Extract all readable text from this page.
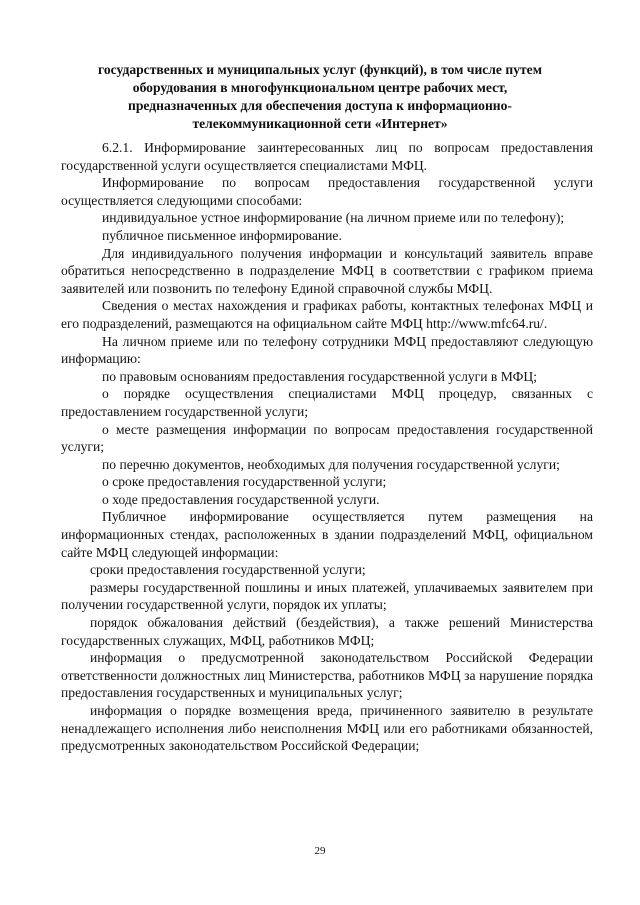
государственных и муниципальных услуг (функций), в том числе путем
оборудования в многофункциональном центре рабочих мест,
предназначенных для обеспечения доступа к информационно-
телекоммуникационной сети «Интернет»

6.2.1. Информирование заинтересованных лиц по вопросам предоставления государственной услуги осуществляется специалистами МФЦ.

Информирование по вопросам предоставления государственной услуги осуществляется следующими способами:

индивидуальное устное информирование (на личном приеме или по телефону);

публичное письменное информирование.

Для индивидуального получения информации и консультаций заявитель вправе обратиться непосредственно в подразделение МФЦ в соответствии с графиком приема заявителей или позвонить по телефону Единой справочной службы МФЦ.

Сведения о местах нахождения и графиках работы, контактных телефонах МФЦ и его подразделений, размещаются на официальном сайте МФЦ http://www.mfc64.ru/.

На личном приеме или по телефону сотрудники МФЦ предоставляют следующую информацию:

по правовым основаниям предоставления государственной услуги в МФЦ;

о порядке осуществления специалистами МФЦ процедур, связанных с предоставлением государственной услуги;

о месте размещения информации по вопросам предоставления государственной услуги;

по перечню документов, необходимых для получения государственной услуги;

о сроке предоставления государственной услуги;

о ходе предоставления государственной услуги.

Публичное информирование осуществляется путем размещения на информационных стендах, расположенных в здании подразделений МФЦ, официальном сайте МФЦ следующей информации:

сроки предоставления государственной услуги;

размеры государственной пошлины и иных платежей, уплачиваемых заявителем при получении государственной услуги, порядок их уплаты;

порядок обжалования действий (бездействия), а также решений Министерства государственных служащих, МФЦ, работников МФЦ;

информация о предусмотренной законодательством Российской Федерации ответственности должностных лиц Министерства, работников МФЦ за нарушение порядка предоставления государственных и муниципальных услуг;

информация о порядке возмещения вреда, причиненного заявителю в результате ненадлежащего исполнения либо неисполнения МФЦ или его работниками обязанностей, предусмотренных законодательством Российской Федерации;

29
